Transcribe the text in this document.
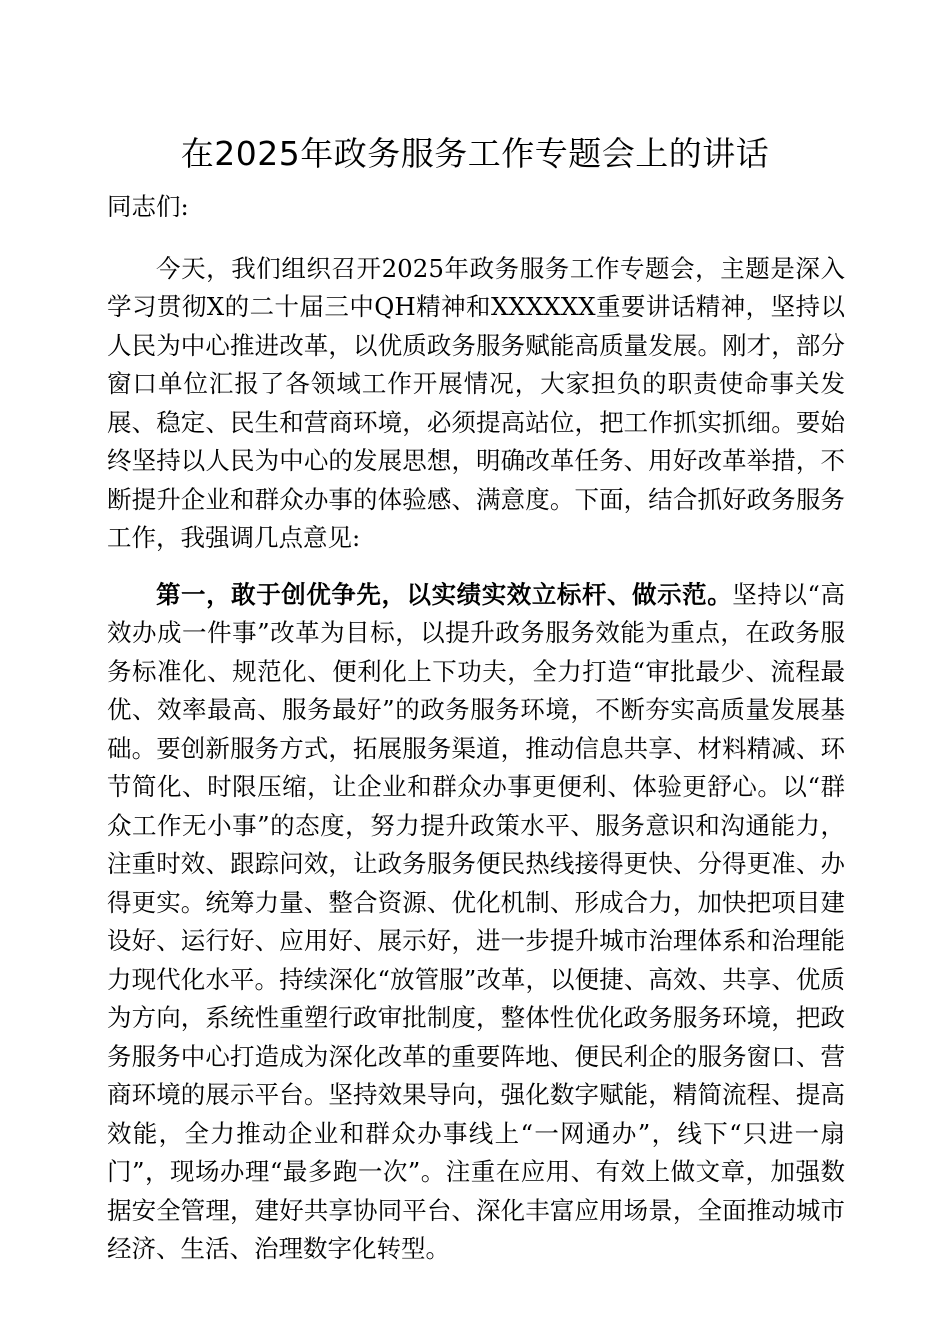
在2025年政务服务工作专题会上的讲话

同志们:

今天，我们组织召开2025年政务服务工作专题会，主题是深入学习贯彻X的二十届三中QH精神和XXXXXX重要讲话精神，坚持以人民为中心推进改革，以优质政务服务赋能高质量发展。刚才，部分窗口单位汇报了各领域工作开展情况，大家担负的职责使命事关发展、稳定、民生和营商环境，必须提高站位，把工作抓实抓细。要始终坚持以人民为中心的发展思想，明确改革任务、用好改革举措，不断提升企业和群众办事的体验感、满意度。下面，结合抓好政务服务工作，我强调几点意见:

第一，敢于创优争先，以实绩实效立标杆、做示范。坚持以“高效办成一件事”改革为目标，以提升政务服务效能为重点，在政务服务标准化、规范化、便利化上下功夫，全力打造“审批最少、流程最优、效率最高、服务最好”的政务服务环境，不断夯实高质量发展基础。要创新服务方式，拓展服务渠道，推动信息共享、材料精减、环节简化、时限压缩，让企业和群众办事更便利、体验更舒心。以“群众工作无小事”的态度，努力提升政策水平、服务意识和沟通能力，注重时效、跟踪问效，让政务服务便民热线接得更快、分得更准、办得更实。统筹力量、整合资源、优化机制、形成合力，加快把项目建设好、运行好、应用好、展示好，进一步提升城市治理体系和治理能力现代化水平。持续深化“放管服”改革，以便捷、高效、共享、优质为方向，系统性重塑行政审批制度，整体性优化政务服务环境，把政务服务中心打造成为深化改革的重要阵地、便民利企的服务窗口、营商环境的展示平台。坚持效果导向，强化数字赋能，精简流程、提高效能，全力推动企业和群众办事线上“一网通办”，线下“只进一扇门”，现场办理“最多跑一次”。注重在应用、有效上做文章，加强数据安全管理，建好共享协同平台、深化丰富应用场景，全面推动城市经济、生活、治理数字化转型。
